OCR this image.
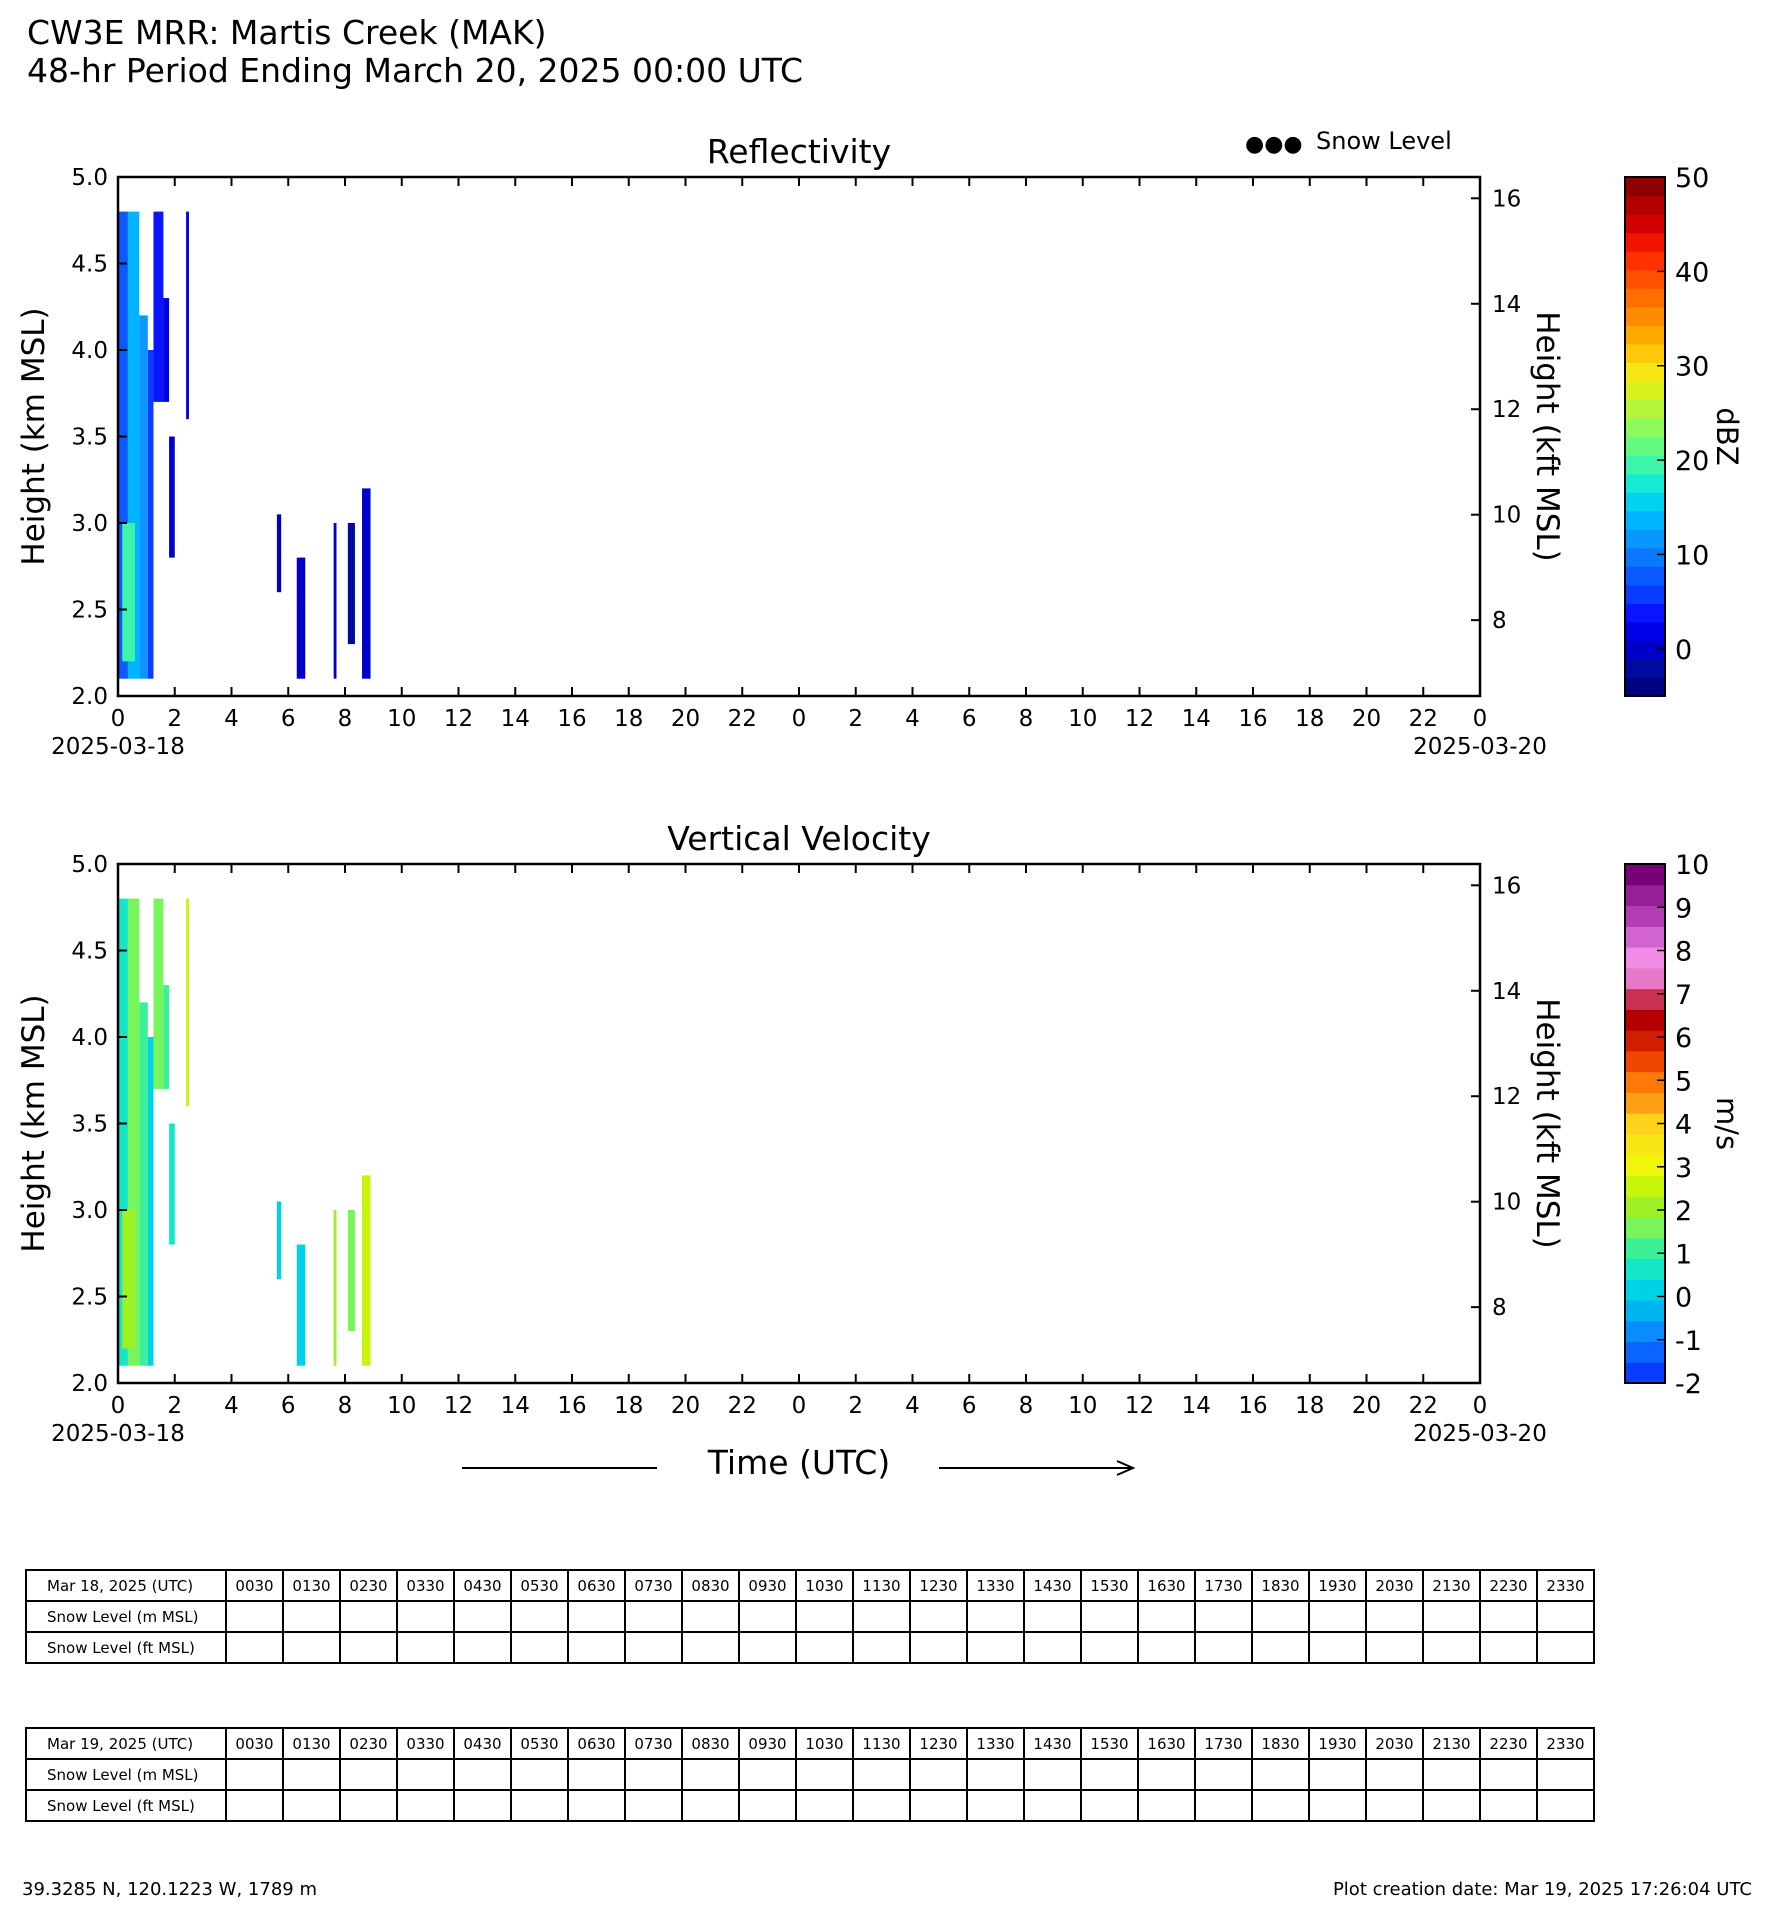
CW3E MRR: Martis Creek (MAK)
48-hr Period Ending March 20, 2025 00:00 UTC
Reflectivity
0 2 4 6 8 10 12 14 16 18 20 22 0 2 4 6 8 10 12 14 16 18 20 22 0
2025-03-18	2025-03-20
2.0
2.5
3.0
3.5
4.0
4.5
5.0
Height (km MSL)
8
10
12
14
16
Height (kft MSL)
0
10
20
30
40
50
dBZ
Vertical Velocity
0 2 4 6 8 10 12 14 16 18 20 22 0 2 4 6 8 10 12 14 16 18 20 22 0
2025-03-18	2025-03-20
2.0
2.5
3.0
3.5
4.0
4.5
5.0
Height (km MSL)
8
10
12
14
16
Height (kft MSL)
-2
-1
0
1
2
3
4
5
6
7
8
9
10
m/s
●●● Snow Level
Time (UTC)
Mar 18, 2025 (UTC)	0030	0130	0230	0330	0430	0530	0630	0730	0830	0930	1030	1130	1230	1330	1430	1530	1630	1730	1830	1930	2030	2130	2230	2330
Snow Level (m MSL)																								
Snow Level (ft MSL)																								
Mar 19, 2025 (UTC)	0030	0130	0230	0330	0430	0530	0630	0730	0830	0930	1030	1130	1230	1330	1430	1530	1630	1730	1830	1930	2030	2130	2230	2330
Snow Level (m MSL)																								
Snow Level (ft MSL)																								
39.3285 N, 120.1223 W, 1789 m	Plot creation date: Mar 19, 2025 17:26:04 UTC
